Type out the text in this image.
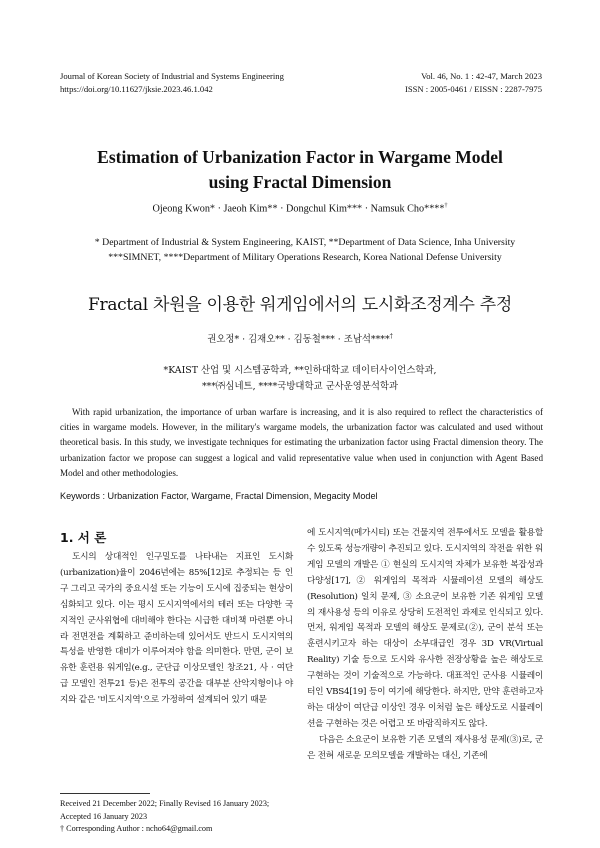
Journal of Korean Society of Industrial and Systems Engineering
https://doi.org/10.11627/jksie.2023.46.1.042
Vol. 46, No. 1 : 42-47, March 2023
ISSN : 2005-0461 / EISSN : 2287-7975
Estimation of Urbanization Factor in Wargame Model
using Fractal Dimension
Ojeong Kwon* · Jaeoh Kim** · Dongchul Kim*** · Namsuk Cho****†
* Department of Industrial & System Engineering, KAIST, **Department of Data Science, Inha University
***SIMNET, ****Department of Military Operations Research, Korea National Defense University
Fractal 차원을 이용한 워게임에서의 도시화조정계수 추정
권오정* · 김재오** · 김동철*** · 조남석****†
*KAIST 산업 및 시스템공학과, **인하대학교 데이터사이언스학과,
***㈜심네트, ****국방대학교 군사운영분석학과
With rapid urbanization, the importance of urban warfare is increasing, and it is also required to reflect the characteristics of cities in wargame models. However, in the military's wargame models, the urbanization factor was calculated and used without theoretical basis. In this study, we investigate techniques for estimating the urbanization factor using Fractal dimension theory. The urbanization factor we propose can suggest a logical and valid representative value when used in conjunction with Agent Based Model and other methodologies.
Keywords : Urbanization Factor, Wargame, Fractal Dimension, Megacity Model
1. 서 론
도시의 상대적인 인구밀도를 나타내는 지표인 도시화(urbanization)율이 2046년에는 85%[12]로 추정되는 등 인구 그리고 국가의 중요시설 또는 기능이 도시에 집중되는 현상이 심화되고 있다. 이는 평시 도시지역에서의 테러 또는 다양한 국지적인 군사위협에 대비해야 한다는 시급한 대비책 마련뿐 아니라 전면전을 계획하고 준비하는데 있어서도 반드시 도시지역의 특성을 반영한 대비가 이루어져야 함을 의미한다. 만면, 군이 보유한 훈련용 워게임(e.g., 군단급 이상모델인 창조21, 사 · 여단급 모델인 전투21 등)은 전투의 공간을 대부분 산악지형이나 야지와 같은 '비도시지역'으로 가정하여 설계되어 있기 때문
에 도시지역(메가시티) 또는 건물지역 전투에서도 모델을 활용할 수 있도록 성능개량이 추진되고 있다. 도시지역의 작전을 위한 워게임 모델의 개발은 ① 현실의 도시지역 자체가 보유한 복잡성과 다양성[17], ② 워게임의 목적과 시뮬레이션 모델의 해상도(Resolution) 일치 문제, ③ 소요군이 보유한 기존 워게임 모델의 재사용성 등의 이유로 상당히 도전적인 과제로 인식되고 있다. 먼저, 워게임 목적과 모델의 해상도 문제로(②), 군이 분석 또는 훈련시키고자 하는 대상이 소부대급인 경우 3D VR(Virtual Reality) 기술 등으로 도시와 유사한 전장상황을 높은 해상도로 구현하는 것이 기술적으로 가능하다. 대표적인 군사용 시뮬레이터인 VBS4[19] 등이 여기에 해당한다. 하지만, 만약 훈련하고자 하는 대상이 여단급 이상인 경우 이처럼 높은 해상도로 시뮬레이션을 구현하는 것은 어렵고 또 바람직하지도 않다.
다음은 소요군이 보유한 기존 모델의 재사용성 문제(③)로, 군은 전혀 새로운 모의모델을 개발하는 대신, 기존에
Received 21 December 2022; Finally Revised 16 January 2023;
Accepted 16 January 2023
† Corresponding Author : ncho64@gmail.com
